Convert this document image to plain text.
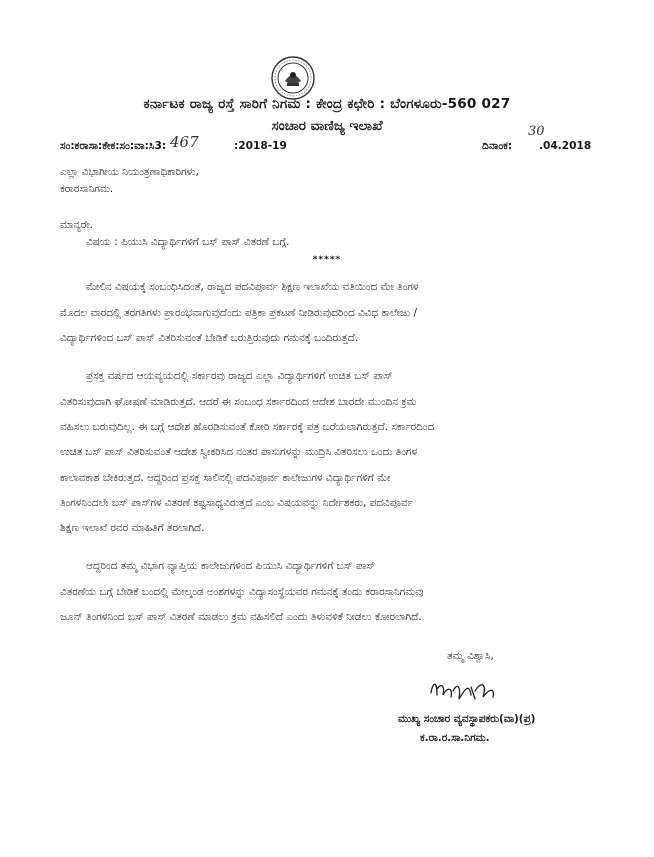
ಕರ್ನಾಟಕ ರಾಜ್ಯ ರಸ್ತೆ ಸಾರಿಗೆ ನಿಗಮ : ಕೇಂದ್ರ ಕಛೇರಿ : ಬೆಂಗಳೂರು-560 027
ಸಂಚಾರ ವಾಣಿಜ್ಯ ಇಲಾಖೆ
ಸಂ:ಕರಾಸಾ:ಕೇಕ:ಸಂ:ವಾ:ಸಿ3: 467	:2018-19	ದಿನಾಂಕ:
30
.04.2018
ಎಲ್ಲಾ ವಿಭಾಗೀಯ ನಿಯಂತ್ರಣಾಧಿಕಾರಿಗಳು,
ಕರಾರಸಾನಿಗಮ.
ಮಾನ್ಯರೇ.
ವಿಷಯ : ಪಿಯುಸಿ ವಿದ್ಯಾರ್ಥಿಗಳಿಗೆ ಬಸ್ ಪಾಸ್ ವಿತರಣೆ ಬಗ್ಗೆ.
*****
ಮೇಲಿನ ವಿಷಯಕ್ಕೆ ಸಂಬಂಧಿಸಿದಂತೆ, ರಾಜ್ಯದ ಪದವಿಪೂರ್ವ ಶಿಕ್ಷಣ ಇಲಾಖೆಯ ವತಿಯಿಂದ ಮೇ ತಿಂಗಳ
ಮೊದಲ ವಾರದಲ್ಲಿ ತರಗತಿಗಳು ಪ್ರಾರಂಭವಾಗುವುದೆಂದು ಪತ್ರಿಕಾ ಪ್ರಕಟಣೆ ನೀಡಿರುವುದರಿಂದ ವಿವಿಧ ಕಾಲೇಜು /
ವಿದ್ಯಾರ್ಥಿಗಳಿಂದ ಬಸ್ ಪಾಸ್ ವಿತರಿಸುವಂತೆ ಬೇಡಿಕೆ ಬರುತ್ತಿರುವುದು ಗಮನಕ್ಕೆ ಬಂದಿರುತ್ತದೆ.
ಪ್ರಸಕ್ತ ವರ್ಷದ ಆಯವ್ಯಯದಲ್ಲಿ ಸರ್ಕಾರವು ರಾಜ್ಯದ ಎಲ್ಲಾ ವಿದ್ಯಾರ್ಥಿಗಳಿಗೆ ಉಚಿತ ಬಸ್ ಪಾಸ್
ವಿತರಿಸುವುದಾಗಿ ಘೋಷಣೆ ಮಾಡಿರುತ್ತದೆ. ಆದರೆ ಈ ಸಂಬಂಧ ಸರ್ಕಾರದಿಂದ ಆದೇಶ ಬಾರದೇ ಮುಂದಿನ ಕ್ರಮ
ವಹಿಸಲು ಬರುವುದಿಲ್ಲ. ಈ ಬಗ್ಗೆ ಆದೇಶ ಹೊರಡಿಸುವಂತೆ ಕೋರಿ ಸರ್ಕಾರಕ್ಕೆ ಪತ್ರ ಬರೆಯಲಾಗಿರುತ್ತದೆ. ಸರ್ಕಾರದಿಂದ
ಉಚಿತ ಬಸ್ ಪಾಸ್ ವಿತರಿಸುವಂತೆ ಆದೇಶ ಸ್ವೀಕರಿಸಿದ ನಂತರ ಪಾಸುಗಳನ್ನು ಮುದ್ರಿಸಿ ವಿತರಿಸಲು ಒಂದು ತಿಂಗಳ
ಕಾಲಾವಕಾಶ ಬೇಕಿರುತ್ತದೆ. ಆದ್ದರಿಂದ ಪ್ರಸಕ್ತ ಸಾಲಿನಲ್ಲಿ ಪದವಿಪೂರ್ವ ಕಾಲೇಜುಗಳ ವಿದ್ಯಾರ್ಥಿಗಳಿಗೆ ಮೇ
ತಿಂಗಳನಿಂದಲೇ ಬಸ್ ಪಾಸ್‌ಗಳ ವಿತರಣೆ ಕಷ್ಟಸಾಧ್ಯವಿರುತ್ತದೆ ಎಂಬ ವಿಷಯವನ್ನು ನಿರ್ದೇಶಕರು, ಪದವಿಪೂರ್ವ
ಶಿಕ್ಷಣ ಇಲಾಖೆ ರವರ ಮಾಹಿತಿಗೆ ತರಲಾಗಿದೆ.
ಆದ್ದರಿಂದ ತಮ್ಮ ವಿಭಾಗ ವ್ಯಾಪ್ತಿಯ ಕಾಲೇಜುಗಳಿಂದ ಪಿಯುಸಿ ವಿದ್ಯಾರ್ಥಿಗಳಿಗೆ ಬಸ್ ಪಾಸ್
ವಿತರಣೆಯ ಬಗ್ಗೆ ಬೇಡಿಕೆ ಬಂದಲ್ಲಿ ಮೇಲ್ಕಂಡ ಅಂಶಗಳನ್ನು ವಿದ್ಯಾಸಂಸ್ಥೆಯವರ ಗಮನಕ್ಕೆ ತಂದು ಕರಾರಸಾನಿಗಮವು
ಜೂನ್ ತಿಂಗಳನಿಂದ ಬಸ್ ಪಾಸ್ ವಿತರಣೆ ಮಾಡಲು ಕ್ರಮ ವಹಿಸಲಿದೆ ಎಂದು ತಿಳುವಳಿಕೆ ನೀಡಲು ಕೋರಲಾಗಿದೆ.
ತಮ್ಮ ವಿಶ್ವಾಸಿ,
ಮುಖ್ಯ ಸಂಚಾರ ವ್ಯವಸ್ಥಾಪಕರು(ವಾ)(ಪ್ರ)
ಕ.ರಾ.ರ.ಸಾ.ನಿಗಮ.
